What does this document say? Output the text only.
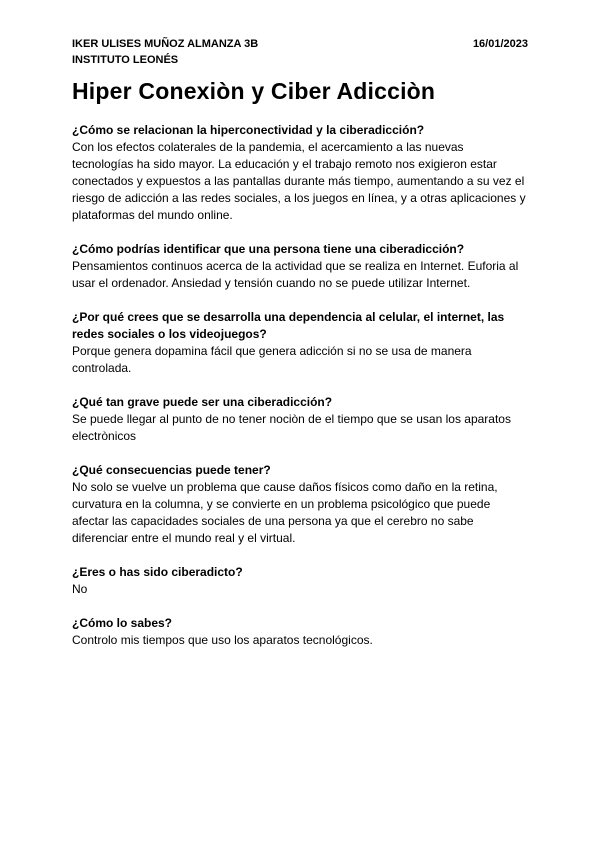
IKER ULISES MUÑOZ ALMANZA 3B
INSTITUTO LEONÉS
16/01/2023
Hiper Conexiòn y Ciber Adicciòn

¿Cómo se relacionan la hiperconectividad y la ciberadicción?

Con los efectos colaterales de la pandemia, el acercamiento a las nuevas tecnologías ha sido mayor. La educación y el trabajo remoto nos exigieron estar conectados y expuestos a las pantallas durante más tiempo, aumentando a su vez el riesgo de adicción a las redes sociales, a los juegos en línea, y a otras aplicaciones y plataformas del mundo online.

¿Cómo podrías identificar que una persona tiene una ciberadicción?

Pensamientos continuos acerca de la actividad que se realiza en Internet. Euforia al usar el ordenador. Ansiedad y tensión cuando no se puede utilizar Internet.

¿Por qué crees que se desarrolla una dependencia al celular, el internet, las redes sociales o los videojuegos?

Porque genera dopamina fácil que genera adicción si no se usa de manera controlada.

¿Qué tan grave puede ser una ciberadicción?

Se puede llegar al punto de no tener nociòn de el tiempo que se usan los aparatos electrònicos

¿Qué consecuencias puede tener?

No solo se vuelve un problema que cause daños físicos como daño en la retina, curvatura en la columna, y se convierte en un problema psicológico que puede afectar las capacidades sociales de una persona ya que el cerebro no sabe diferenciar entre el mundo real y el virtual.

¿Eres o has sido ciberadicto?

No

¿Cómo lo sabes?

Controlo mis tiempos que uso los aparatos tecnológicos.
